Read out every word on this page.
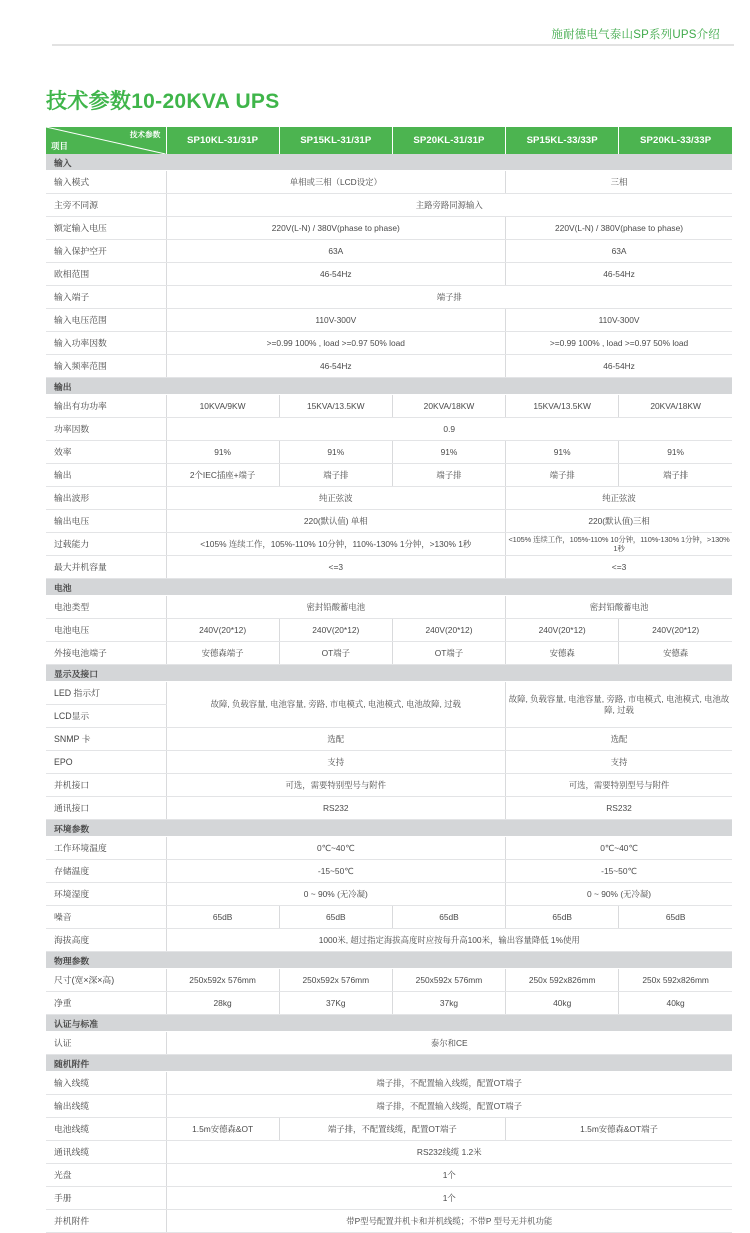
施耐德电气泰山SP系列UPS介绍
技术参数10-20KVA UPS
技术参数
项目	SP10KL-31/31P	SP15KL-31/31P	SP20KL-31/31P	SP15KL-33/33P	SP20KL-33/33P
输入					
输入模式	单相或三相（LCD设定）			三相	
主旁不同源	主路旁路同源输入				
额定输入电压	220V(L-N) / 380V(phase to phase)			220V(L-N) / 380V(phase to phase)	
输入保护空开	63A			63A	
欧相范围	46-54Hz			46-54Hz	
输入端子	端子排				
输入电压范围	110V-300V			110V-300V	
输入功率因数	>=0.99 100% , load >=0.97 50% load			>=0.99 100% , load >=0.97 50% load	
输入频率范围	46-54Hz			46-54Hz	
输出					
输出有功功率	10KVA/9KW	15KVA/13.5KW	20KVA/18KW	15KVA/13.5KW	20KVA/18KW
功率因数	0.9				
效率	91%	91%	91%	91%	91%
输出	2个IEC插座+端子	端子排	端子排	端子排	端子排
输出波形	纯正弦波			纯正弦波	
输出电压	220(默认值) 单相			220(默认值)三相	
过载能力	<105% 连续工作，105%-110% 10分钟，110%-130% 1分钟，>130% 1秒			<105% 连续工作，105%-110% 10分钟，110%-130% 1分钟，>130% 1秒	
最大并机容量	<=3			<=3	
电池					
电池类型	密封铅酸蓄电池			密封铅酸蓄电池	
电池电压	240V(20*12)	240V(20*12)	240V(20*12)	240V(20*12)	240V(20*12)
外接电池端子	安德森端子	OT端子	OT端子	安德森	安德森
显示及接口					
LED 指示灯	故障, 负载容量, 电池容量, 旁路, 市电模式, 电池模式, 电池故障, 过载			故障, 负载容量, 电池容量, 旁路, 市电模式, 电池模式, 电池故障, 过载	
LCD显示					
SNMP 卡	选配			选配	
EPO	支持			支持	
并机接口	可选，需要特别型号与附件			可选，需要特别型号与附件	
通讯接口	RS232			RS232	
环境参数					
工作环境温度	0℃~40℃			0℃~40℃	
存储温度	-15~50℃			-15~50℃	
环境湿度	0 ~ 90% (无冷凝)			0 ~ 90% (无冷凝)	
噪音	65dB	65dB	65dB	65dB	65dB
海拔高度	1000米, 超过指定海拔高度时应按每升高100米，输出容量降低 1%使用				
物理参数					
尺寸(宽×深×高)	250x592x 576mm	250x592x 576mm	250x592x 576mm	250x 592x826mm	250x 592x826mm
净重	28kg	37Kg	37kg	40kg	40kg
认证与标准					
认证	泰尔和CE				
随机附件					
输入线缆	端子排，不配置输入线缆，配置OT端子				
输出线缆	端子排，不配置输入线缆，配置OT端子				
电池线缆	1.5m安德森&OT	端子排，不配置线缆，配置OT端子		1.5m安德森&OT端子	
通讯线缆	RS232线缆 1.2米				
光盘	1个				
手册	1个				
并机附件	带P型号配置并机卡和并机线缆；不带P 型号无并机功能				
